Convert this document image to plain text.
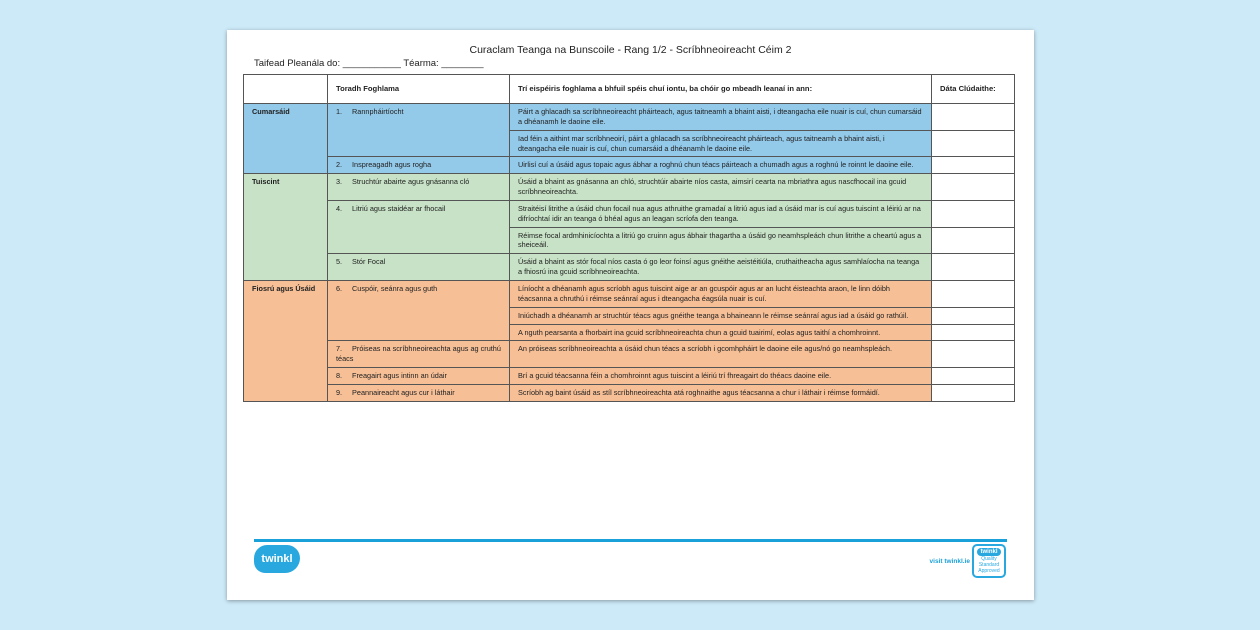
Curaclam Teanga na Bunscoile - Rang 1/2 - Scríbhneoireacht Céim 2
Taifead Pleanála do: ___________ Téarma: ________
	Toradh Foghlama	Trí eispéiris foghlama a bhfuil spéis chuí iontu, ba chóir go mbeadh leanaí in ann:	Dáta Clúdaithe:
Cumarsáid	1. Rannpháirtíocht	Páirt a ghlacadh sa scríbhneoireacht pháirteach, agus taitneamh a bhaint aisti, i dteangacha eile nuair is cuí, chun cumarsáid a dhéanamh le daoine eile.	
		Iad féin a aithint mar scríbhneoirí, páirt a ghlacadh sa scríbhneoireacht pháirteach, agus taitneamh a bhaint aisti, i dteangacha eile nuair is cuí, chun cumarsáid a dhéanamh le daoine eile.	
	2. Inspreagadh agus rogha	Uirlisí cuí a úsáid agus topaic agus ábhar a roghnú chun téacs páirteach a chumadh agus a roghnú le roinnt le daoine eile.	
Tuiscint	3. Struchtúr abairte agus gnásanna cló	Úsáid a bhaint as gnásanna an chló, struchtúir abairte níos casta, aimsirí cearta na mbriathra agus nascfhocail ina gcuid scríbhneoireachta.	
	4. Litriú agus staidéar ar fhocail	Straitéisí litrithe a úsáid chun focail nua agus athruithe gramadaí a litriú agus iad a úsáid mar is cuí agus tuiscint a léiriú ar na difríochtaí idir an teanga ó bhéal agus an leagan scríofa den teanga.	
		Réimse focal ardmhinicíochta a litriú go cruinn agus ábhair thagartha a úsáid go neamhspleách chun litrithe a cheartú agus a sheiceáil.	
	5. Stór Focal	Úsáid a bhaint as stór focal níos casta ó go leor foinsí agus gnéithe aeistéitiúla, cruthaitheacha agus samhlaíocha na teanga a fhiosrú ina gcuid scríbhneoireachta.	
Fiosrú agus Úsáid	6. Cuspóir, seánra agus guth	Líníocht a dhéanamh agus scríobh agus tuiscint aige ar an gcuspóir agus ar an lucht éisteachta araon, le linn dóibh téacsanna a chruthú i réimse seánraí agus i dteangacha éagsúla nuair is cuí.	
		Iniúchadh a dhéanamh ar struchtúr téacs agus gnéithe teanga a bhaineann le réimse seánraí agus iad a úsáid go rathúil.	
		A nguth pearsanta a fhorbairt ina gcuid scríbhneoireachta chun a gcuid tuairimí, eolas agus taithí a chomhroinnt.	
	7. Próiseas na scríbhneoireachta agus ag cruthú téacs	An próiseas scríbhneoireachta a úsáid chun téacs a scríobh i gcomhpháirt le daoine eile agus/nó go neamhspleách.	
	8. Freagairt agus intinn an údair	Brí a gcuid téacsanna féin a chomhroinnt agus tuiscint a léiriú trí fhreagairt do théacs daoine eile.	
	9. Peannaireacht agus cur i láthair	Scríobh ag baint úsáid as stíl scríbhneoireachta atá roghnaithe agus téacsanna a chur i láthair i réimse formáidí.	
twinkl	visit twinkl.ie
twinkl
Quality Standard Approved
